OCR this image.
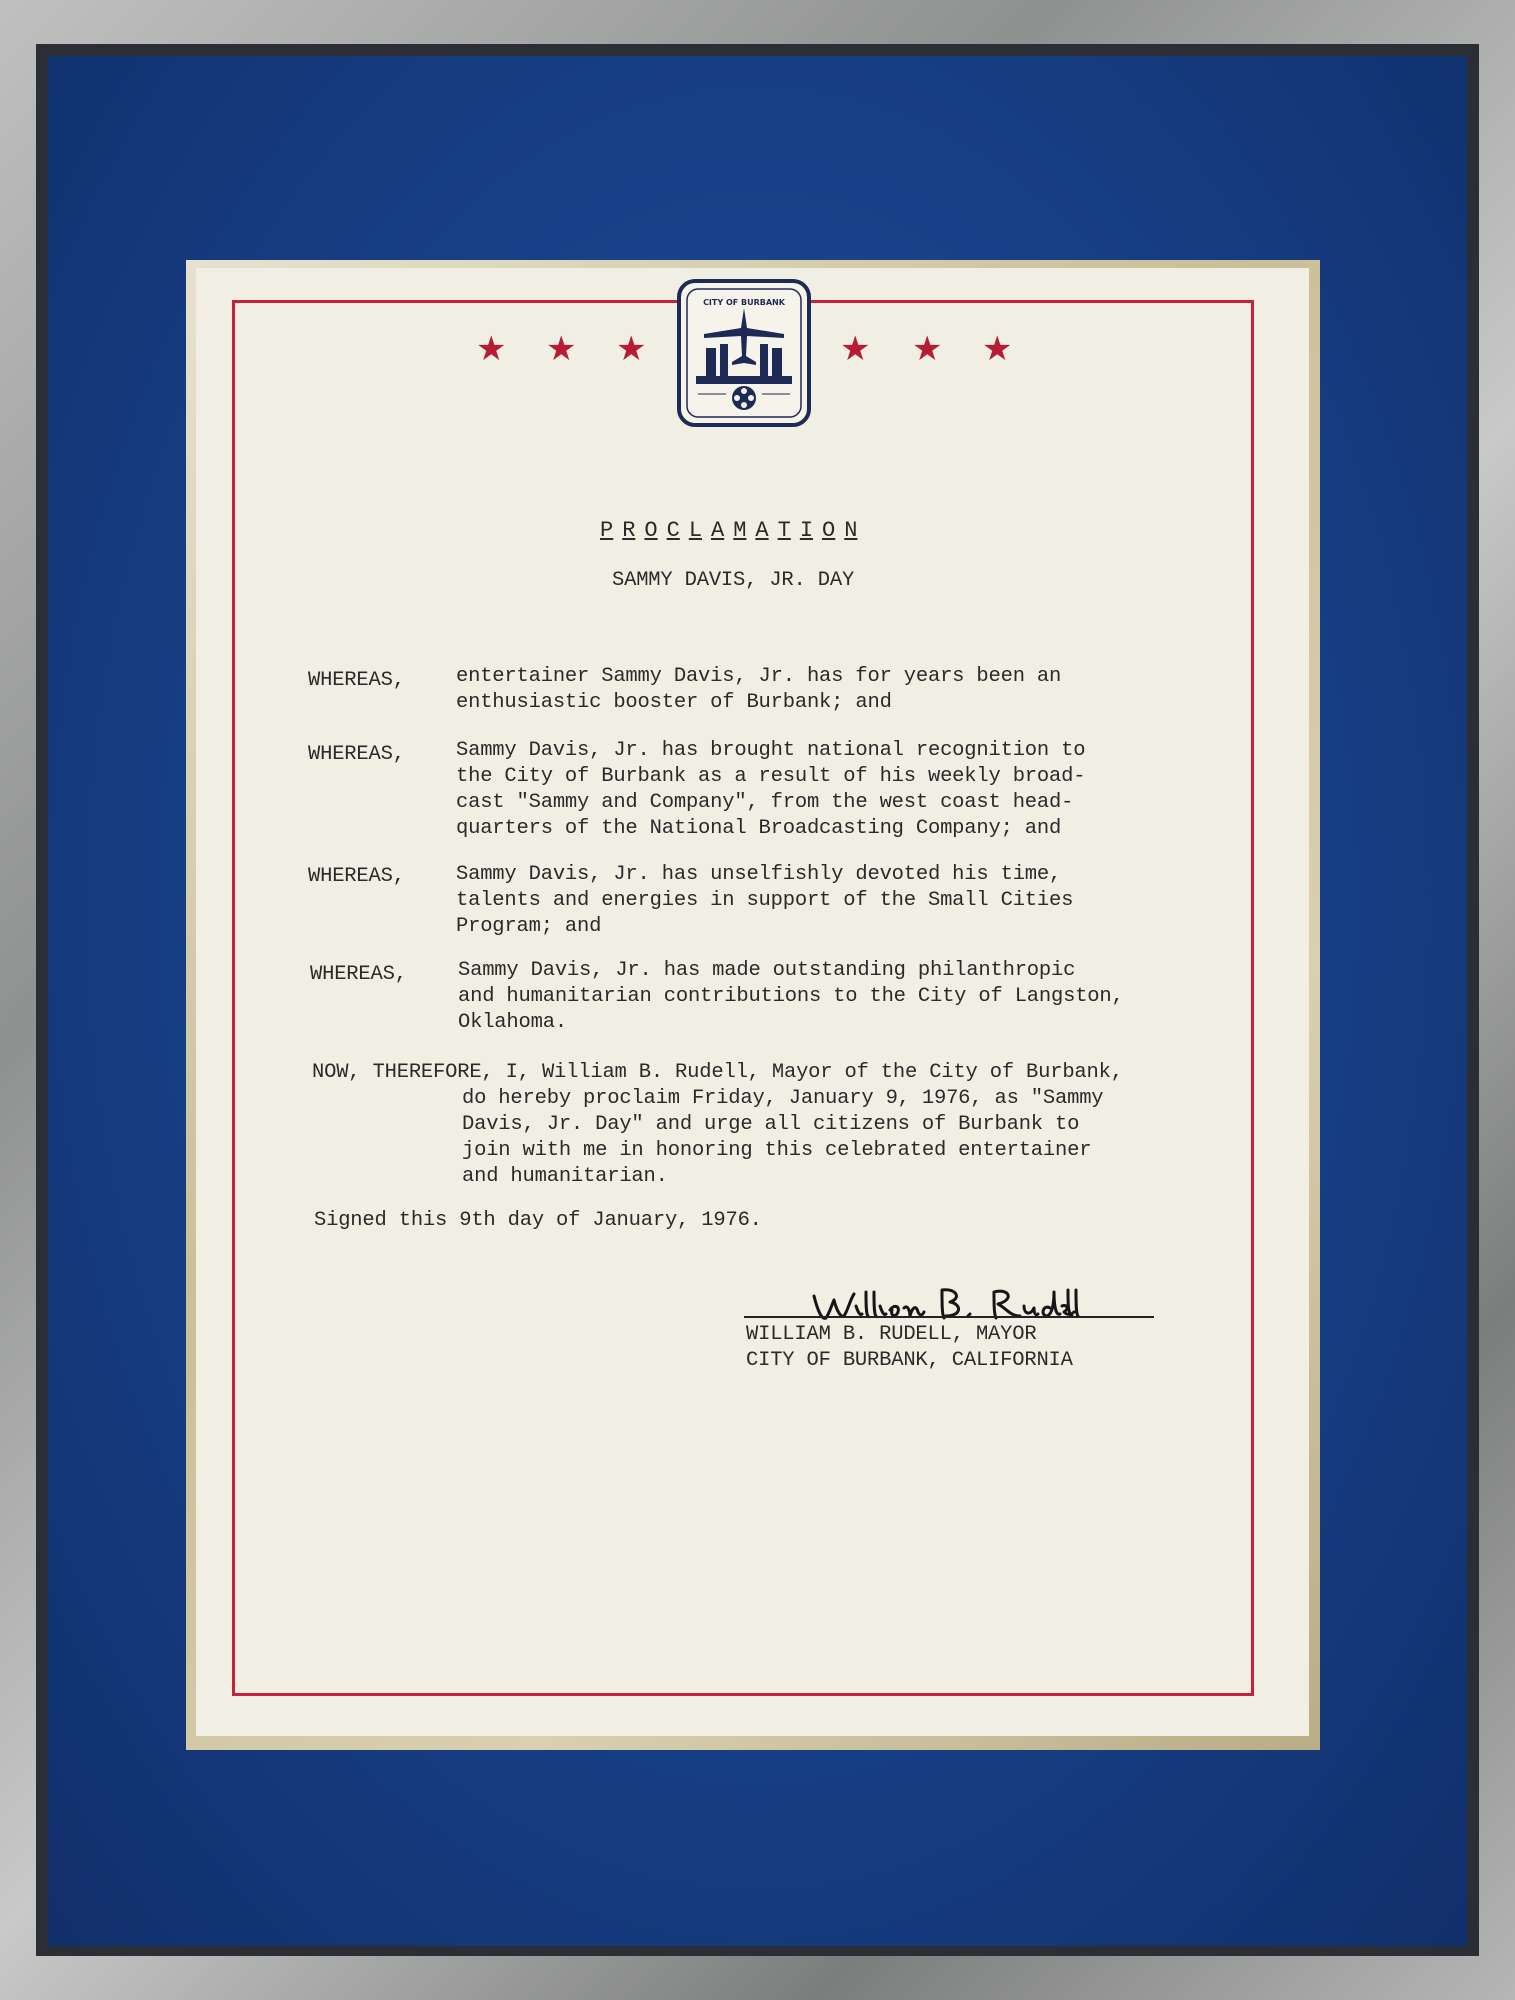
★ ★ ★	★ ★ ★
CITY OF BURBANK
P R O C L A M A T I O N
SAMMY DAVIS, JR. DAY
WHEREAS, entertainer Sammy Davis, Jr. has for years been an
enthusiastic booster of Burbank; and
WHEREAS, Sammy Davis, Jr. has brought national recognition to
the City of Burbank as a result of his weekly broad-
cast "Sammy and Company", from the west coast head-
quarters of the National Broadcasting Company; and
WHEREAS, Sammy Davis, Jr. has unselfishly devoted his time,
talents and energies in support of the Small Cities
Program; and
WHEREAS, Sammy Davis, Jr. has made outstanding philanthropic
and humanitarian contributions to the City of Langston,
Oklahoma.
NOW, THEREFORE, I, William B. Rudell, Mayor of the City of Burbank,
do hereby proclaim Friday, January 9, 1976, as "Sammy
Davis, Jr. Day" and urge all citizens of Burbank to
join with me in honoring this celebrated entertainer
and humanitarian.
Signed this 9th day of January, 1976.
WILLIAM B. RUDELL, MAYOR
CITY OF BURBANK, CALIFORNIA
